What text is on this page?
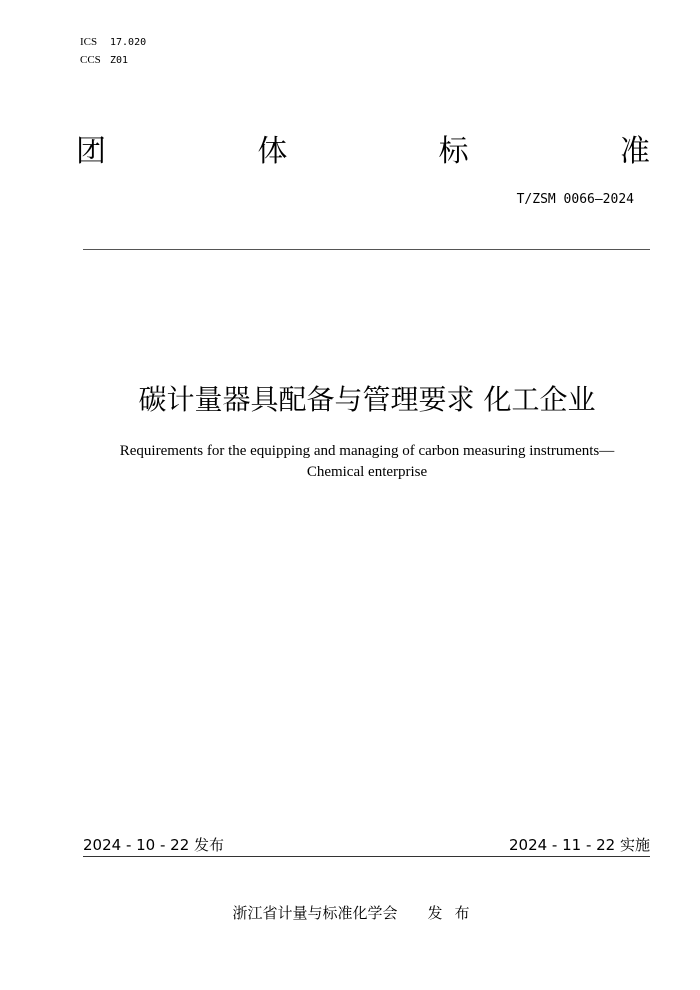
ICS 17.020
CCS Z01
团	体	标	准
T/ZSM 0066—2024
碳计量器具配备与管理要求 化工企业
Requirements for the equipping and managing of carbon measuring instruments—
Chemical enterprise
2024 - 10 - 22 发布	2024 - 11 - 22 实施
浙江省计量与标准化学会 发布
